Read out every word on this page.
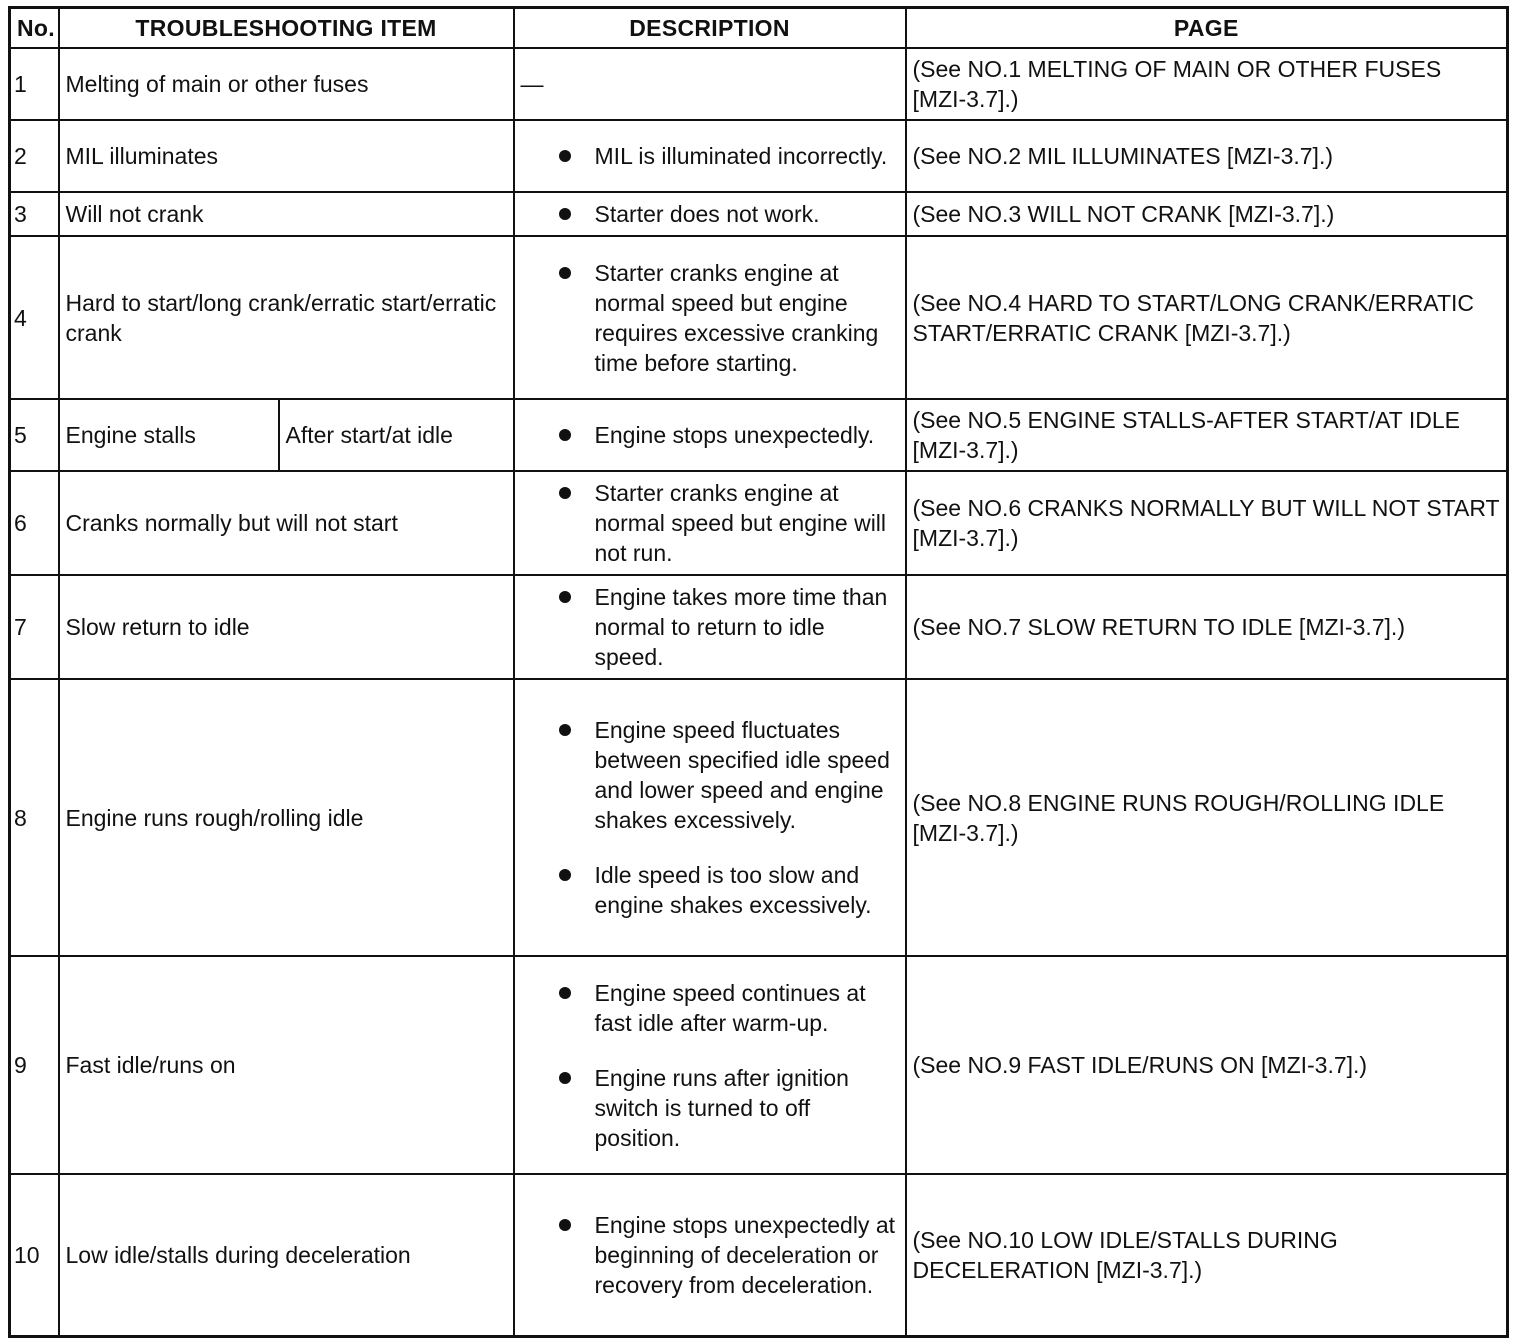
No.	TROUBLESHOOTING ITEM		DESCRIPTION	PAGE
1	Melting of main or other fuses		—	(See NO.1 MELTING OF MAIN OR OTHER FUSES [MZI-3.7].)
2	MIL illuminates		MIL is illuminated incorrectly.	(See NO.2 MIL ILLUMINATES [MZI-3.7].)
3	Will not crank		Starter does not work.	(See NO.3 WILL NOT CRANK [MZI-3.7].)
4	Hard to start/long crank/erratic start/erratic crank		Starter cranks engine at normal speed but engine requires excessive cranking time before starting.	(See NO.4 HARD TO START/LONG CRANK/ERRATIC START/ERRATIC CRANK [MZI-3.7].)
5	Engine stalls	After start/at idle	Engine stops unexpectedly.	(See NO.5 ENGINE STALLS-AFTER START/AT IDLE [MZI-3.7].)
6	Cranks normally but will not start		Starter cranks engine at normal speed but engine will not run.	(See NO.6 CRANKS NORMALLY BUT WILL NOT START [MZI-3.7].)
7	Slow return to idle		Engine takes more time than normal to return to idle speed.	(See NO.7 SLOW RETURN TO IDLE [MZI-3.7].)
8	Engine runs rough/rolling idle		Engine speed fluctuates between specified idle speed and lower speed and engine shakes excessively.
Idle speed is too slow and engine shakes excessively.	(See NO.8 ENGINE RUNS ROUGH/ROLLING IDLE [MZI-3.7].)
9	Fast idle/runs on		Engine speed continues at fast idle after warm-up.
Engine runs after ignition switch is turned to off position.	(See NO.9 FAST IDLE/RUNS ON [MZI-3.7].)
10	Low idle/stalls during deceleration		Engine stops unexpectedly at beginning of deceleration or recovery from deceleration.	(See NO.10 LOW IDLE/STALLS DURING DECELERATION [MZI-3.7].)
